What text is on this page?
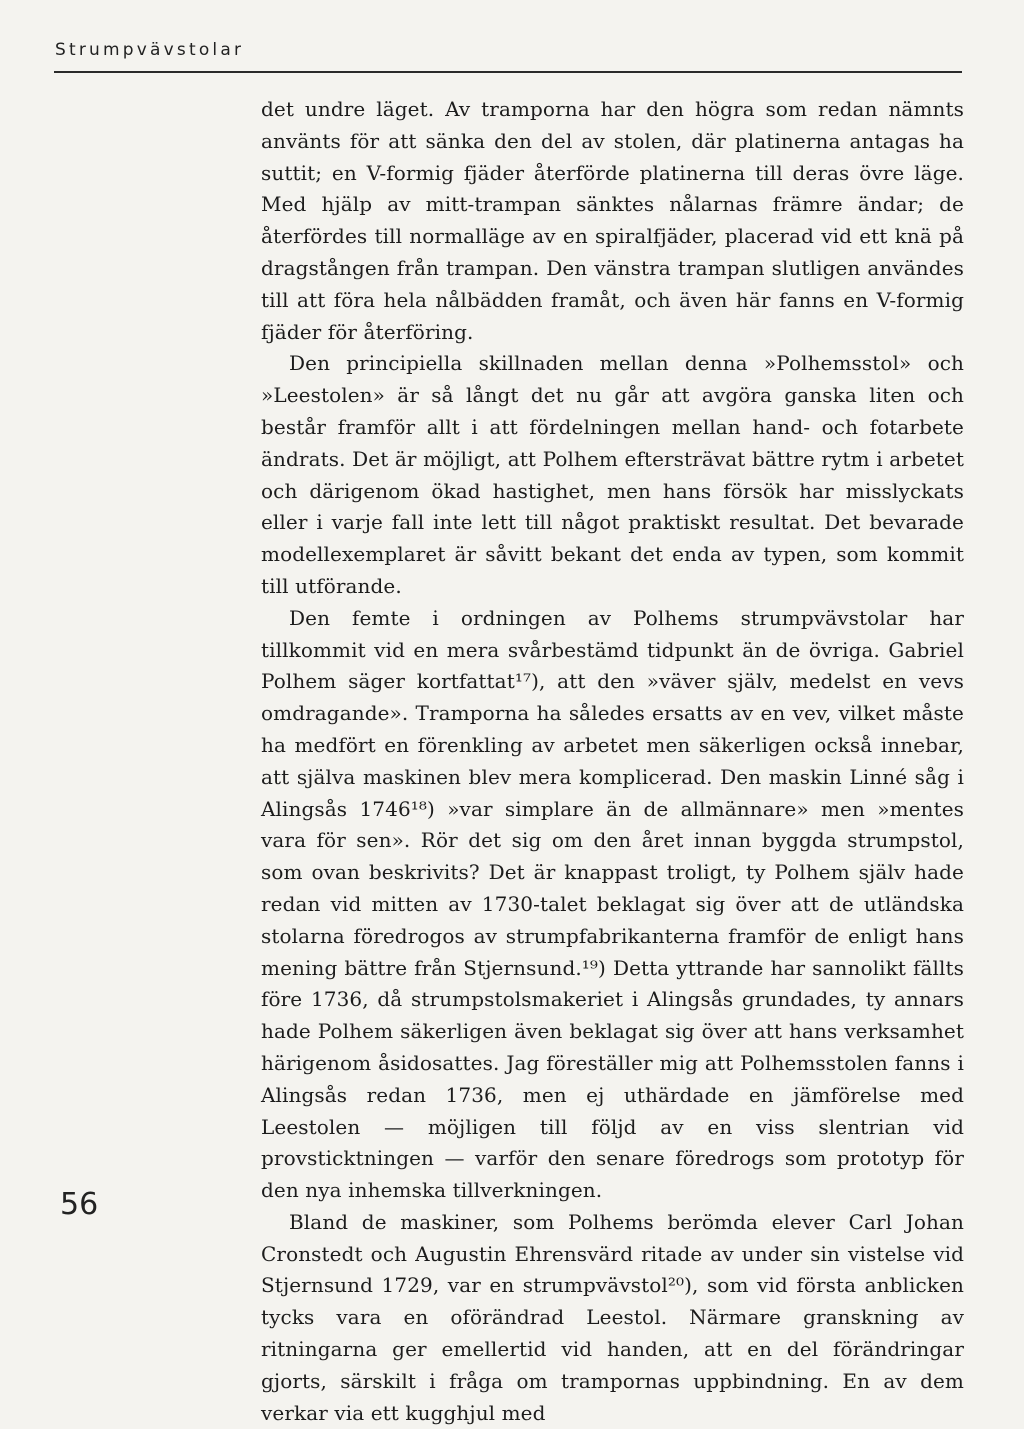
Strumpvävstolar

det undre läget. Av tramporna har den högra som redan nämnts använts för att sänka den del av stolen, där platinerna antagas ha suttit; en V-formig fjäder återförde platinerna till deras övre läge. Med hjälp av mitt-trampan sänktes nålarnas främre ändar; de återfördes till normalläge av en spiralfjäder, placerad vid ett knä på dragstången från trampan. Den vänstra trampan slutligen användes till att föra hela nålbädden framåt, och även här fanns en V-formig fjäder för återföring.

Den principiella skillnaden mellan denna »Polhemsstol» och »Leestolen» är så långt det nu går att avgöra ganska liten och består framför allt i att fördelningen mellan hand- och fotarbete ändrats. Det är möjligt, att Polhem eftersträvat bättre rytm i arbetet och därigenom ökad hastighet, men hans försök har misslyckats eller i varje fall inte lett till något praktiskt resultat. Det bevarade modellexemplaret är såvitt bekant det enda av typen, som kommit till utförande.

Den femte i ordningen av Polhems strumpvävstolar har tillkommit vid en mera svårbestämd tidpunkt än de övriga. Gabriel Polhem säger kortfattat¹⁷), att den »väver själv, medelst en vevs omdragande». Tramporna ha således ersatts av en vev, vilket måste ha medfört en förenkling av arbetet men säkerligen också innebar, att själva maskinen blev mera komplicerad. Den maskin Linné såg i Alingsås 1746¹⁸) »var simplare än de allmännare» men »mentes vara för sen». Rör det sig om den året innan byggda strumpstol, som ovan beskrivits? Det är knappast troligt, ty Polhem själv hade redan vid mitten av 1730-talet beklagat sig över att de utländska stolarna föredrogos av strumpfabrikanterna framför de enligt hans mening bättre från Stjernsund.¹⁹) Detta yttrande har sannolikt fällts före 1736, då strumpstolsmakeriet i Alingsås grundades, ty annars hade Polhem säkerligen även beklagat sig över att hans verksamhet härigenom åsidosattes. Jag föreställer mig att Polhemsstolen fanns i Alingsås redan 1736, men ej uthärdade en jämförelse med Leestolen — möjligen till följd av en viss slentrian vid provsticktningen — varför den senare föredrogs som prototyp för den nya inhemska tillverkningen.

Bland de maskiner, som Polhems berömda elever Carl Johan Cronstedt och Augustin Ehrensvärd ritade av under sin vistelse vid Stjernsund 1729, var en strumpvävstol²⁰), som vid första anblicken tycks vara en oförändrad Leestol. Närmare granskning av ritningarna ger emellertid vid handen, att en del förändringar gjorts, särskilt i fråga om trampornas uppbindning. En av dem verkar via ett kugghjul med

56
